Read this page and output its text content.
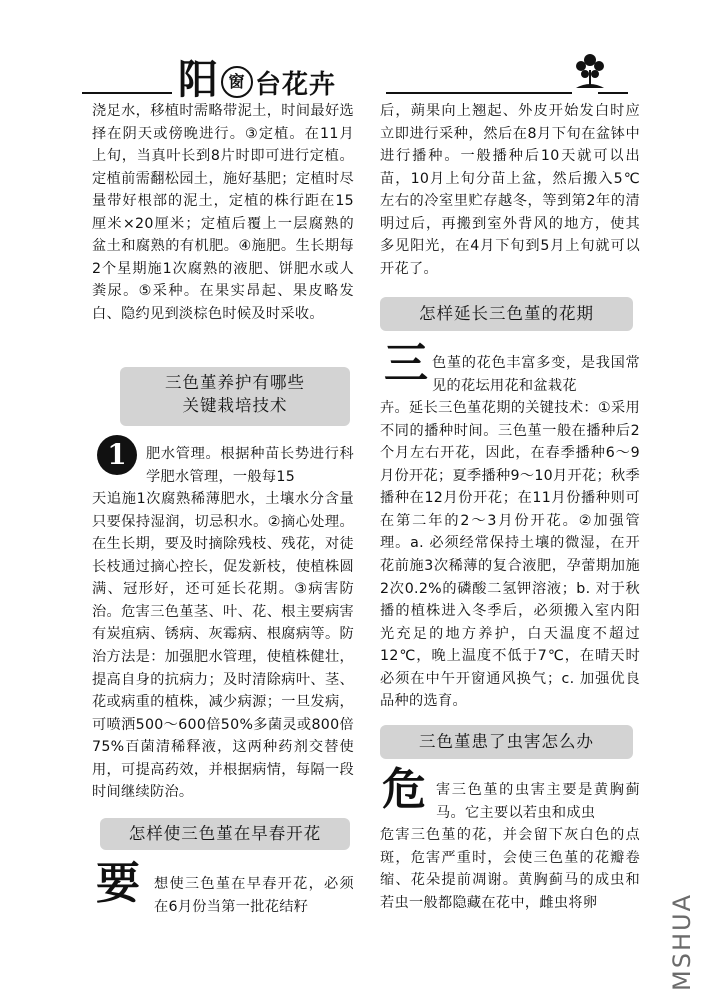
阳 窗 台花卉

浇足水，移植时需略带泥土，时间最好选择在阴天或傍晚进行。③定植。在11月上旬，当真叶长到8片时即可进行定植。定植前需翻松园土，施好基肥；定植时尽量带好根部的泥土，定植的株行距在15厘米×20厘米；定植后覆上一层腐熟的盆土和腐熟的有机肥。④施肥。生长期每2个星期施1次腐熟的液肥、饼肥水或人粪尿。⑤采种。在果实昂起、果皮略发白、隐约见到淡棕色时候及时采收。

三色堇养护有哪些
关键栽培技术
1	肥水管理。根据种苗长势进行科学肥水管理，一般每15

天追施1次腐熟稀薄肥水，土壤水分含量只要保持湿润，切忌积水。②摘心处理。在生长期，要及时摘除残枝、残花，对徒长枝通过摘心控长，促发新枝，使植株圆满、冠形好，还可延长花期。③病害防治。危害三色堇茎、叶、花、根主要病害有炭疽病、锈病、灰霉病、根腐病等。防治方法是：加强肥水管理，使植株健壮，提高自身的抗病力；及时清除病叶、茎、花或病重的植株，减少病源；一旦发病，可喷洒500～600倍50%多菌灵或800倍75%百菌清稀释液，这两种药剂交替使用，可提高药效，并根据病情，每隔一段时间继续防治。

怎样使三色堇在早春开花
要 想使三色堇在早春开花，必须在6月份当第一批花结籽

后，蒴果向上翘起、外皮开始发白时应立即进行采种，然后在8月下旬在盆钵中进行播种。一般播种后10天就可以出苗，10月上旬分苗上盆，然后搬入5℃左右的冷室里贮存越冬，等到第2年的清明过后，再搬到室外背风的地方，使其多见阳光，在4月下旬到5月上旬就可以开花了。

怎样延长三色堇的花期
三 色堇的花色丰富多变，是我国常见的花坛用花和盆栽花

卉。延长三色堇花期的关键技术：①采用不同的播种时间。三色堇一般在播种后2个月左右开花，因此，在春季播种6～9月份开花；夏季播种9～10月开花；秋季播种在12月份开花；在11月份播种则可在第二年的2～3月份开花。②加强管理。a. 必须经常保持土壤的微湿，在开花前施3次稀薄的复合液肥，孕蕾期加施2次0.2%的磷酸二氢钾溶液；b. 对于秋播的植株进入冬季后，必须搬入室内阳光充足的地方养护，白天温度不超过12℃，晚上温度不低于7℃，在晴天时必须在中午开窗通风换气；c. 加强优良品种的选育。

三色堇患了虫害怎么办
危 害三色堇的虫害主要是黄胸蓟马。它主要以若虫和成虫

危害三色堇的花，并会留下灰白色的点斑，危害严重时，会使三色堇的花瓣卷缩、花朵提前凋谢。黄胸蓟马的成虫和若虫一般都隐藏在花中，雌虫将卵	MSHUA
